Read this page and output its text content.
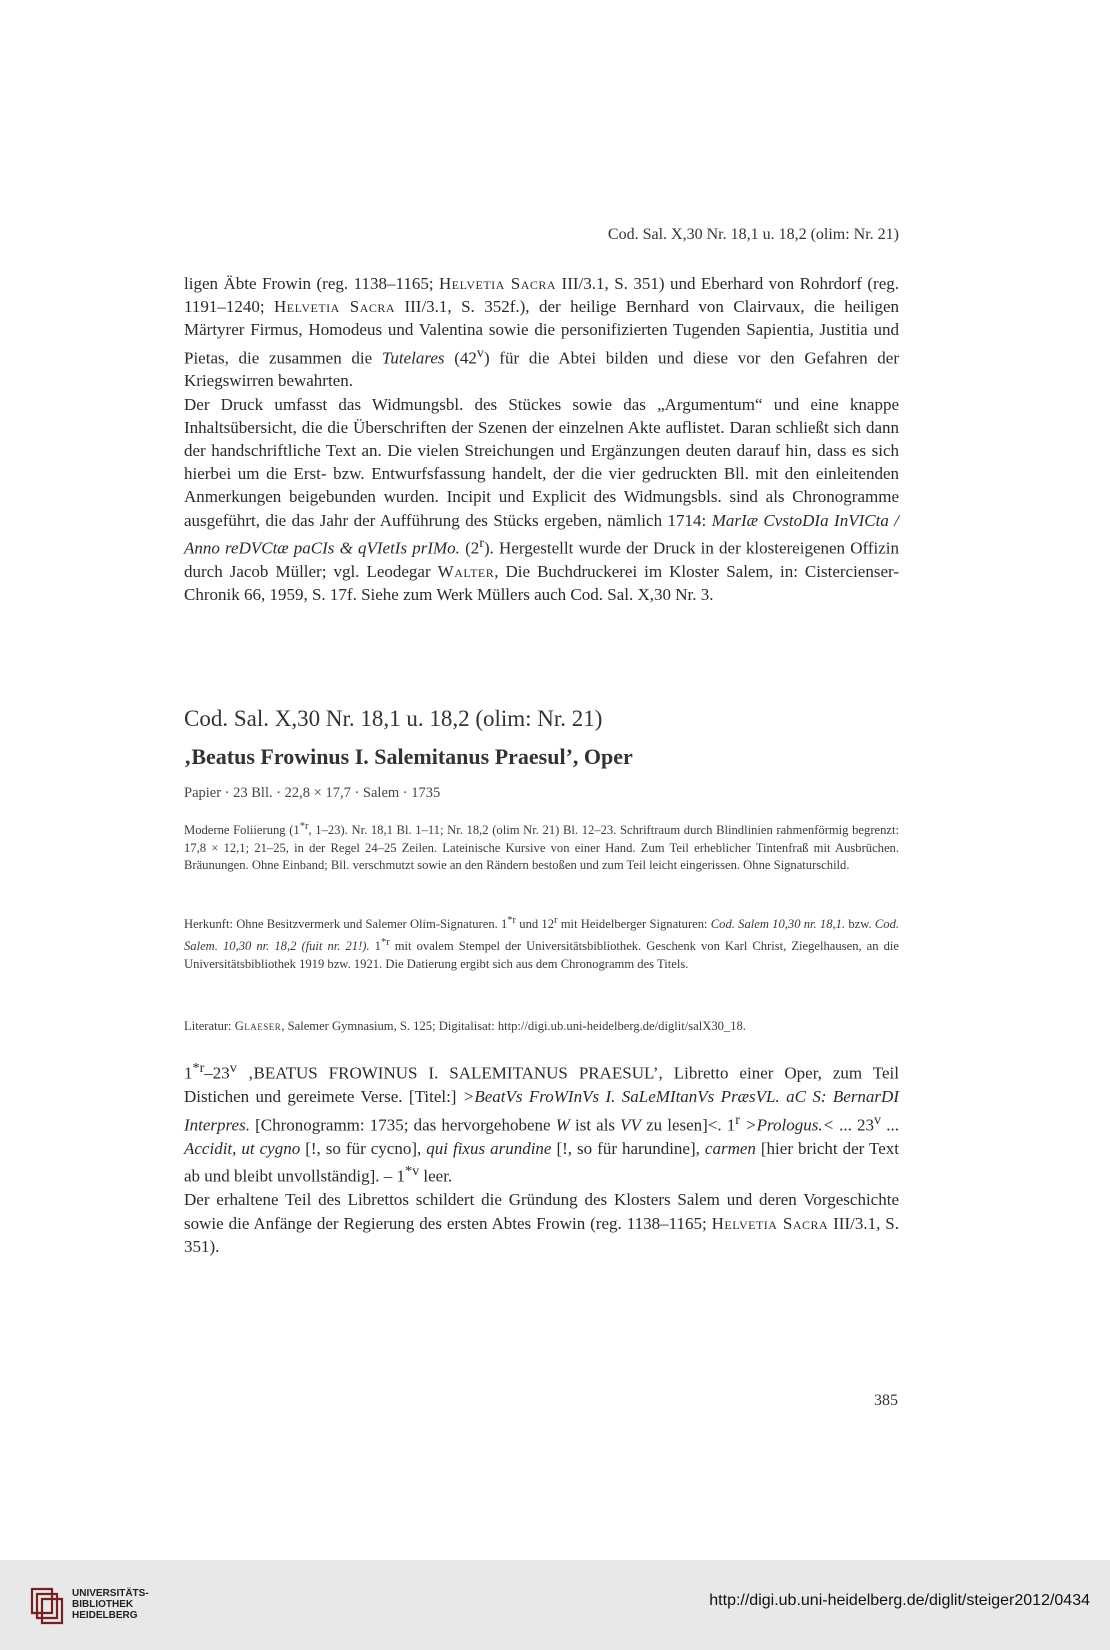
Cod. Sal. X,30 Nr. 18,1 u. 18,2 (olim: Nr. 21)

ligen Äbte Frowin (reg. 1138–1165; Helvetia Sacra III/3.1, S. 351) und Eberhard von Rohrdorf (reg. 1191–1240; Helvetia Sacra III/3.1, S. 352f.), der heilige Bernhard von Clairvaux, die heiligen Märtyrer Firmus, Homodeus und Valentina sowie die personifizierten Tugenden Sapientia, Justitia und Pietas, die zusammen die Tutelares (42$^v$) für die Abtei bilden und diese vor den Gefahren der Kriegswirren bewahrten.

Der Druck umfasst das Widmungsbl. des Stückes sowie das „Argumentum“ und eine knappe Inhaltsübersicht, die die Überschriften der Szenen der einzelnen Akte auflistet. Daran schließt sich dann der handschriftliche Text an. Die vielen Streichungen und Ergänzungen deuten darauf hin, dass es sich hierbei um die Erst- bzw. Entwurfsfassung handelt, der die vier gedruckten Bll. mit den einleitenden Anmerkungen beigebunden wurden. Incipit und Explicit des Widmungsbls. sind als Chronogramme ausgeführt, die das Jahr der Aufführung des Stücks ergeben, nämlich 1714: MarIæ CvstoDIa InVICta / Anno reDVCtæ paCIs & qVIetIs prIMo. (2$^r$). Hergestellt wurde der Druck in der klostereigenen Offizin durch Jacob Müller; vgl. Leodegar Walter, Die Buchdruckerei im Kloster Salem, in: Cistercienser-Chronik 66, 1959, S. 17f. Siehe zum Werk Müllers auch Cod. Sal. X,30 Nr. 3.

Cod. Sal. X,30 Nr. 18,1 u. 18,2 (olim: Nr. 21)
‚Beatus Frowinus I. Salemitanus Praesul’, Oper
Papier · 23 Bll. · 22,8 × 17,7 · Salem · 1735

Moderne Foliierung (1$^{*r}$, 1–23). Nr. 18,1 Bl. 1–11; Nr. 18,2 (olim Nr. 21) Bl. 12–23. Schriftraum durch Blindlinien rahmenförmig begrenzt: 17,8 × 12,1; 21–25, in der Regel 24–25 Zeilen. Lateinische Kursive von einer Hand. Zum Teil erheblicher Tintenfraß mit Ausbrüchen. Bräunungen. Ohne Einband; Bll. verschmutzt sowie an den Rändern bestoßen und zum Teil leicht eingerissen. Ohne Signaturschild.

Herkunft: Ohne Besitzvermerk und Salemer Olim-Signaturen. 1$^{*r}$ und 12$^r$ mit Heidelberger Signaturen: Cod. Salem 10,30 nr. 18,1. bzw. Cod. Salem. 10,30 nr. 18,2 (fuit nr. 21!). 1$^{*r}$ mit ovalem Stempel der Universitätsbibliothek. Geschenk von Karl Christ, Ziegelhausen, an die Universitätsbibliothek 1919 bzw. 1921. Die Datierung ergibt sich aus dem Chronogramm des Titels.

Literatur: Glaeser, Salemer Gymnasium, S. 125; Digitalisat: http://digi.ub.uni-heidelberg.de/diglit/salX30_18.

1$^{*r}$–23$^v$ ‚BEATUS FROWINUS I. SALEMITANUS PRAESUL’, Libretto einer Oper, zum Teil Distichen und gereimete Verse. [Titel:] >BeatVs FroWInVs I. SaLeMItanVs PræsVL. aC S: BernarDI Interpres. [Chronogramm: 1735; das hervorgehobene W ist als VV zu lesen]<. $1^r$ >Prologus.< ... 23$^v$ ... Accidit, ut cygno [!, so für cycno], qui fixus arundine [!, so für harundine], carmen [hier bricht der Text ab und bleibt unvollständig]. – 1$^{*v}$ leer.

Der erhaltene Teil des Librettos schildert die Gründung des Klosters Salem und deren Vorgeschichte sowie die Anfänge der Regierung des ersten Abtes Frowin (reg. 1138–1165; Helvetia Sacra III/3.1, S. 351).

385
UNIVERSITÄTS-
BIBLIOTHEK
HEIDELBERG
http://digi.ub.uni-heidelberg.de/diglit/steiger2012/0434
